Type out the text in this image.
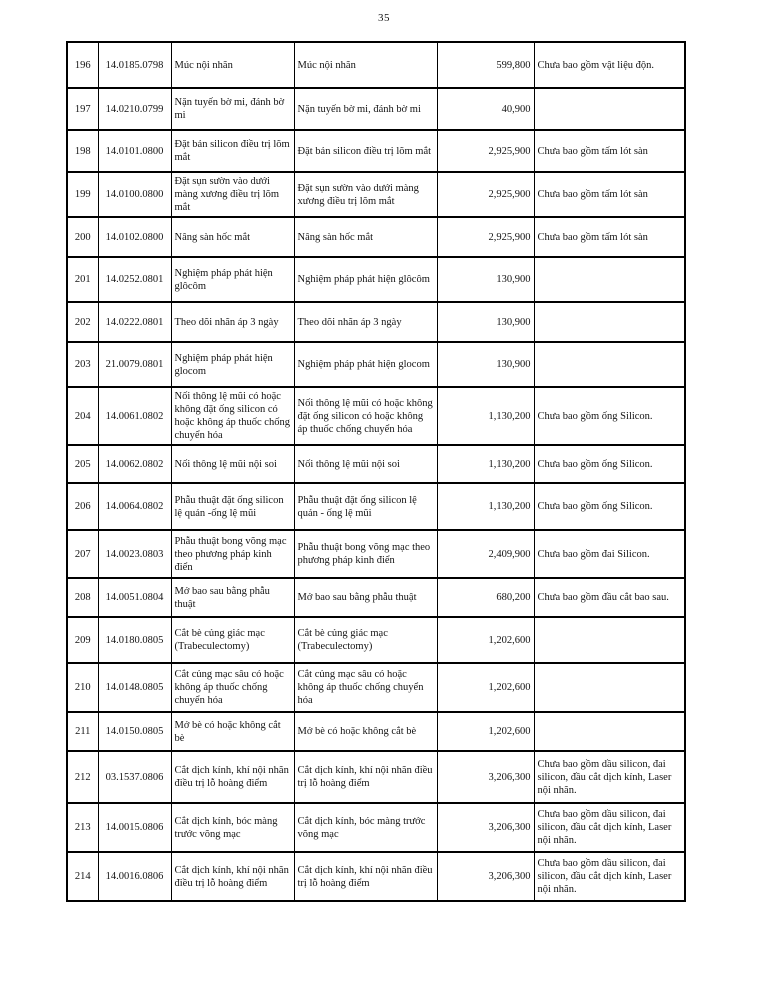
35
196	14.0185.0798	Múc nội nhãn	Múc nội nhãn	599,800	Chưa bao gồm vật liệu độn.
197	14.0210.0799	Nặn tuyến bờ mi, đánh bờ mi	Nặn tuyến bờ mi, đánh bờ mi	40,900	
198	14.0101.0800	Đặt bản silicon điều trị lõm mắt	Đặt bản silicon điều trị lõm mắt	2,925,900	Chưa bao gồm tấm lót sàn
199	14.0100.0800	Đặt sụn sườn vào dưới màng xương điều trị lõm mắt	Đặt sụn sườn vào dưới màng xương điều trị lõm mắt	2,925,900	Chưa bao gồm tấm lót sàn
200	14.0102.0800	Nâng sàn hốc mắt	Nâng sàn hốc mắt	2,925,900	Chưa bao gồm tấm lót sàn
201	14.0252.0801	Nghiệm pháp phát hiện glôcôm	Nghiệm pháp phát hiện glôcôm	130,900	
202	14.0222.0801	Theo dõi nhãn áp 3 ngày	Theo dõi nhãn áp 3 ngày	130,900	
203	21.0079.0801	Nghiệm pháp phát hiện glocom	Nghiệm pháp phát hiện glocom	130,900	
204	14.0061.0802	Nối thông lệ mũi có hoặc không đặt ống silicon có hoặc không áp thuốc chống chuyển hóa	Nối thông lệ mũi có hoặc không đặt ống silicon có hoặc không áp thuốc chống chuyển hóa	1,130,200	Chưa bao gồm ống Silicon.
205	14.0062.0802	Nối thông lệ mũi nội soi	Nối thông lệ mũi nội soi	1,130,200	Chưa bao gồm ống Silicon.
206	14.0064.0802	Phẫu thuật đặt ống silicon lệ quản -ống lệ mũi	Phẫu thuật đặt ống silicon lệ quản - ống lệ mũi	1,130,200	Chưa bao gồm ống Silicon.
207	14.0023.0803	Phẫu thuật bong võng mạc theo phương pháp kinh điển	Phẫu thuật bong võng mạc theo phương pháp kinh điển	2,409,900	Chưa bao gồm đai Silicon.
208	14.0051.0804	Mở bao sau bằng phẫu thuật	Mở bao sau bằng phẫu thuật	680,200	Chưa bao gồm đầu cắt bao sau.
209	14.0180.0805	Cắt bè củng giác mạc (Trabeculectomy)	Cắt bè củng giác mạc (Trabeculectomy)	1,202,600	
210	14.0148.0805	Cắt củng mạc sâu có hoặc không áp thuốc chống chuyển hóa	Cắt củng mạc sâu có hoặc không áp thuốc chống chuyển hóa	1,202,600	
211	14.0150.0805	Mở bè có hoặc không cắt bè	Mở bè có hoặc không cắt bè	1,202,600	
212	03.1537.0806	Cắt dịch kính, khí nội nhãn điều trị lỗ hoàng điểm	Cắt dịch kính, khí nội nhãn điều trị lỗ hoàng điểm	3,206,300	Chưa bao gồm dầu silicon, đai silicon, đầu cắt dịch kính, Laser nội nhãn.
213	14.0015.0806	Cắt dịch kính, bóc màng trước võng mạc	Cắt dịch kính, bóc màng trước võng mạc	3,206,300	Chưa bao gồm dầu silicon, đai silicon, đầu cắt dịch kính, Laser nội nhãn.
214	14.0016.0806	Cắt dịch kính, khí nội nhãn điều trị lỗ hoàng điểm	Cắt dịch kính, khí nội nhãn điều trị lỗ hoàng điểm	3,206,300	Chưa bao gồm dầu silicon, đai silicon, đầu cắt dịch kính, Laser nội nhãn.
